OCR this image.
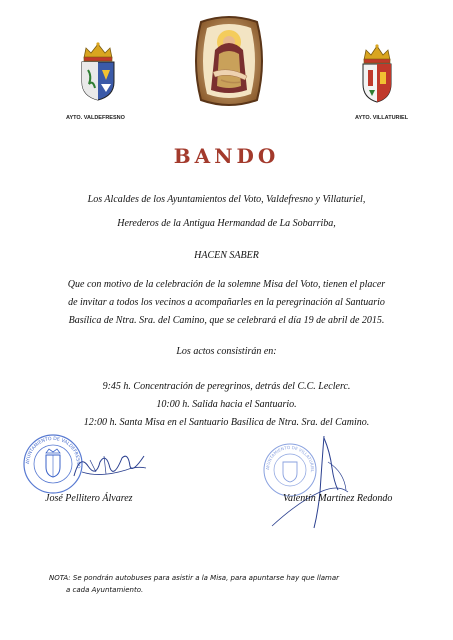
AYTO. VALDEFRESNO	AYTO. VILLATURIEL
BANDO
Los Alcaldes de los Ayuntamientos del Voto, Valdefresno y Villaturiel,
Herederos de la Antigua Hermandad de La Sobarriba,
HACEN SABER
Que con motivo de la celebración de la solemne Misa del Voto, tienen el placer
de invitar a todos los vecinos a acompañarles en la peregrinación al Santuario
Basílica de Ntra. Sra. del Camino, que se celebrará el día 19 de abril de 2015.
Los actos consistirán en:
9:45 h. Concentración de peregrinos, detrás del C.C. Leclerc.
10:00 h. Salida hacia el Santuario.
12:00 h. Santa Misa en el Santuario Basílica de Ntra. Sra. del Camino.
AYUNTAMIENTO DE VALDEFRESNO
AYUNTAMIENTO DE VILLATURIEL
José Pellitero Álvarez	Valentín Martínez Redondo
NOTA: Se pondrán autobuses para asistir a la Misa, para apuntarse hay que llamar
a cada Ayuntamiento.
